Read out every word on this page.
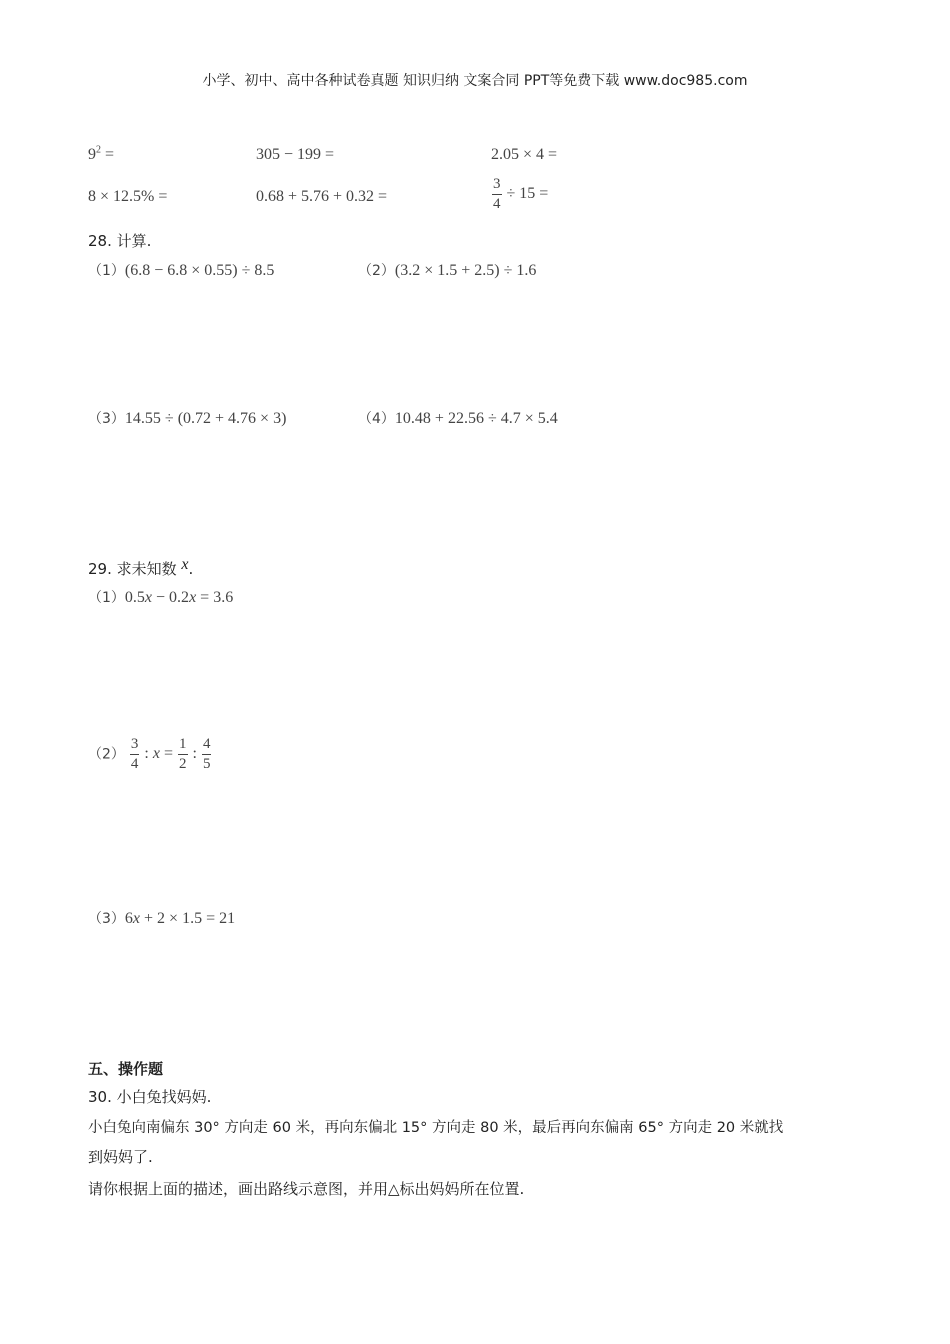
小学、初中、高中各种试卷真题 知识归纳 文案合同 PPT等免费下载 www.doc985.com
$9^2$ =	305 − 199 =	2.05 × 4 =
8 × 12.5% =	0.68 + 5.76 + 0.32 =	$\frac{3}{4} \div 15$ =
28. 计算.
（1）(6.8 − 6.8 × 0.55) ÷ 8.5	（2）(3.2 × 1.5 + 2.5) ÷ 1.6
（3）14.55 ÷ (0.72 + 4.76 × 3)	（4）10.48 + 22.56 ÷ 4.7 × 5.4
29. 求未知数 x.
（1）0.5x − 0.2x = 3.6
$(2) \frac{3}{4}$ : $x = \frac{1}{2}$ : $\frac{4}{5}$
（3）6x + 2 × 1.5 = 21
五、操作题
30. 小白兔找妈妈.
小白兔向南偏东 30° 方向走 60 米，再向东偏北 15° 方向走 80 米，最后再向东偏南 65° 方向走 20 米就找
到妈妈了.
请你根据上面的描述，画出路线示意图，并用△标出妈妈所在位置.
